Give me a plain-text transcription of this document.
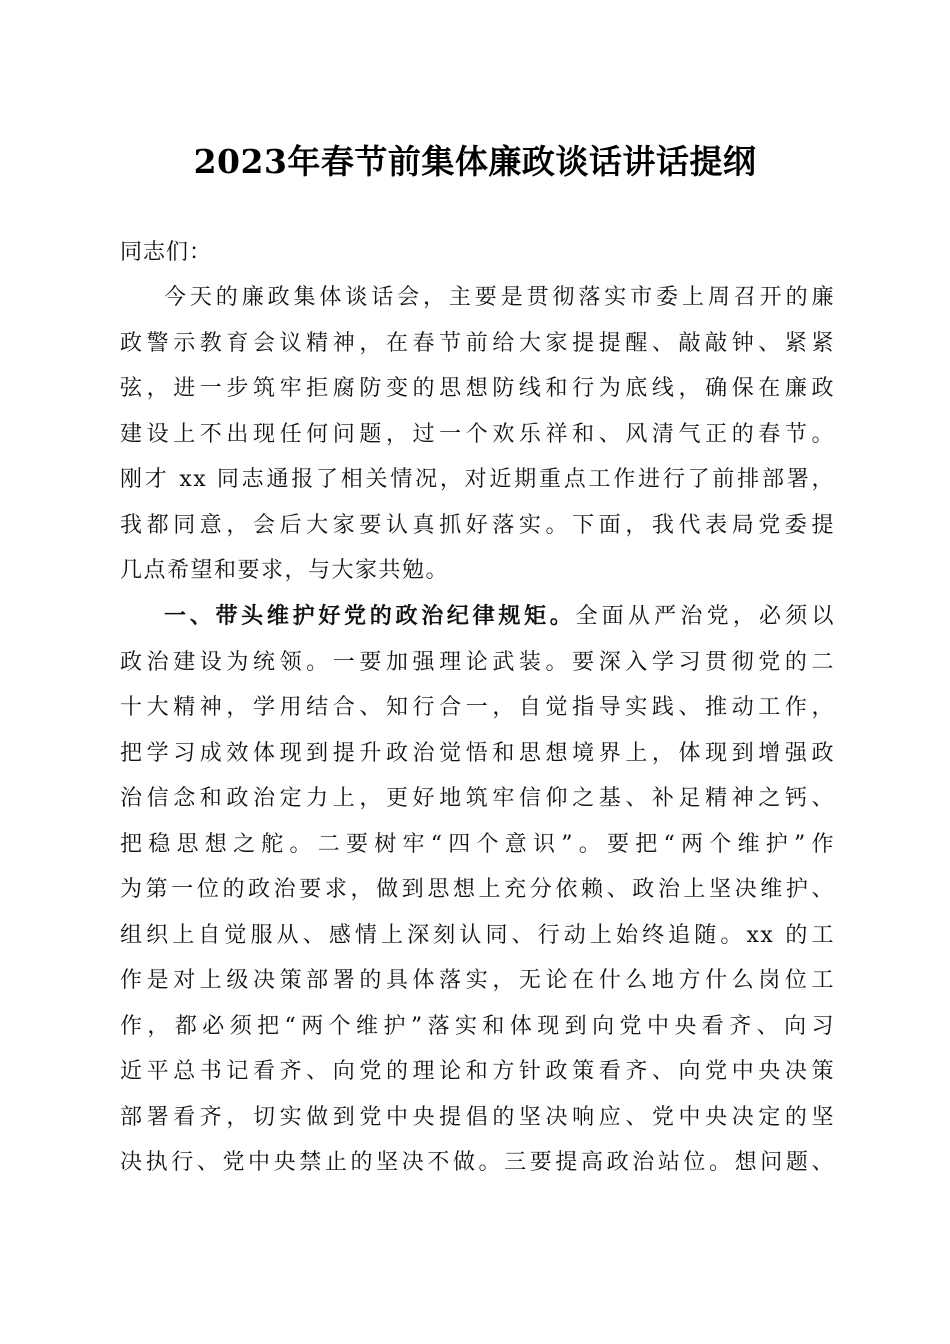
2023年春节前集体廉政谈话讲话提纲

同志们：

今天的廉政集体谈话会，主要是贯彻落实市委上周召开的廉
政警示教育会议精神，在春节前给大家提提醒、敲敲钟、紧紧
弦，进一步筑牢拒腐防变的思想防线和行为底线，确保在廉政
建设上不出现任何问题，过一个欢乐祥和、风清气正的春节。
刚才 xx 同志通报了相关情况，对近期重点工作进行了前排部署，
我都同意，会后大家要认真抓好落实。下面，我代表局党委提
几点希望和要求，与大家共勉。
一、带头维护好党的政治纪律规矩。全面从严治党，必须以
政治建设为统领。一要加强理论武装。要深入学习贯彻党的二
十大精神，学用结合、知行合一，自觉指导实践、推动工作，
把学习成效体现到提升政治觉悟和思想境界上，体现到增强政
治信念和政治定力上，更好地筑牢信仰之基、补足精神之钙、
把稳思想之舵。二要树牢“四个意识”。要把“两个维护”作
为第一位的政治要求，做到思想上充分依赖、政治上坚决维护、
组织上自觉服从、感情上深刻认同、行动上始终追随。xx 的工
作是对上级决策部署的具体落实，无论在什么地方什么岗位工
作，都必须把“两个维护”落实和体现到向党中央看齐、向习
近平总书记看齐、向党的理论和方针政策看齐、向党中央决策
部署看齐，切实做到党中央提倡的坚决响应、党中央决定的坚
决执行、党中央禁止的坚决不做。三要提高政治站位。想问题、
